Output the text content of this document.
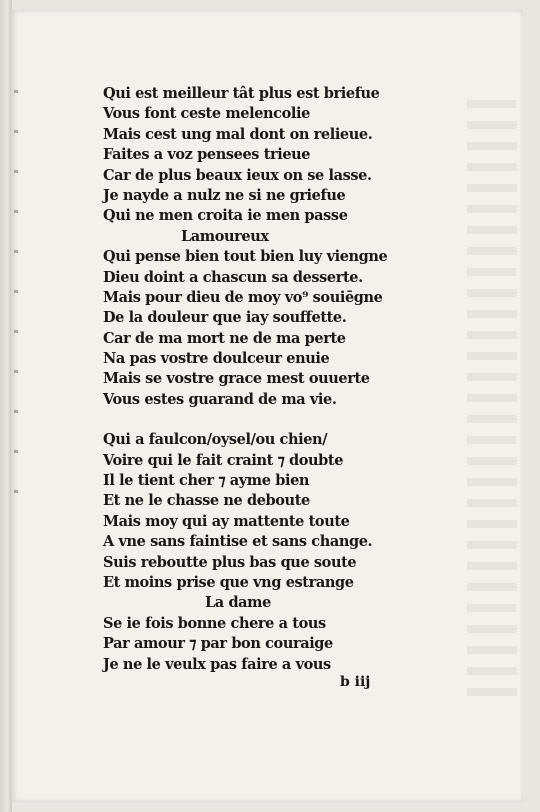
Qui est meilleur tât plus est briefue
Vous font ceste melencolie
Mais cest ung mal dont on relieue.
Faites a voz pensees trieue
Car de plus beaux ieux on se lasse.
Je nayde a nulz ne si ne griefue
Qui ne men croita ie men passe
Lamoureux
Qui pense bien tout bien luy viengne
Dieu doint a chascun sa desserte.
Mais pour dieu de moy vo⁹ souiēgne
De la douleur que iay souffette.
Car de ma mort ne de ma perte
Na pas vostre doulceur enuie
Mais se vostre grace mest ouuerte
Vous estes guarand de ma vie.
Qui a faulcon/oysel/ou chien/
Voire qui le fait craint ⁊ doubte
Il le tient cher ⁊ ayme bien
Et ne le chasse ne deboute
Mais moy qui ay mattente toute
A vne sans faintise et sans change.
Suis reboutte plus bas que soute
Et moins prise que vng estrange
La dame
Se ie fois bonne chere a tous
Par amour ⁊ par bon couraige
Je ne le veulx pas faire a vous
b iij
